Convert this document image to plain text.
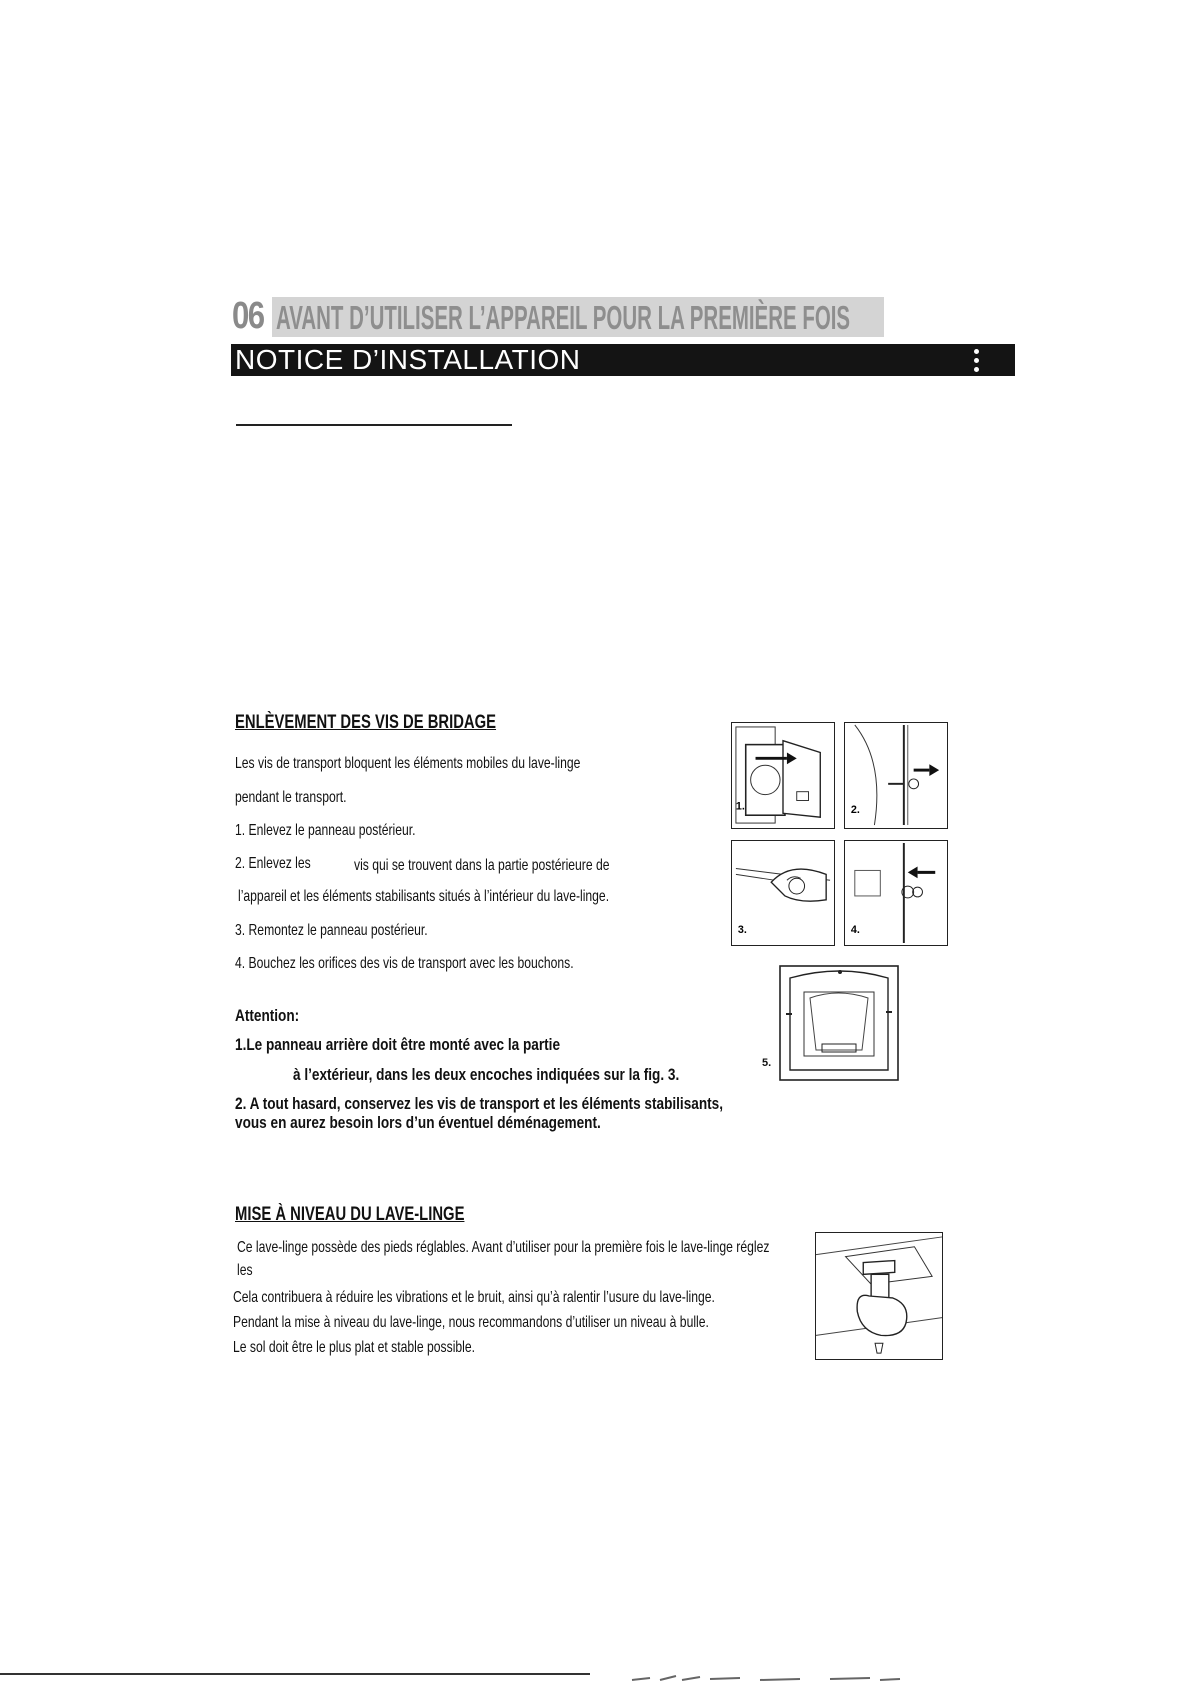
06 AVANT D’UTILISER L’APPAREIL POUR LA PREMIÈRE FOIS
NOTICE D’INSTALLATION
ENLÈVEMENT DES VIS DE BRIDAGE
Les vis de transport bloquent les éléments mobiles du lave-linge
pendant le transport.
1. Enlevez le panneau postérieur.
2. Enlevez les	vis qui se trouvent dans la partie postérieure de
l’appareil et les éléments stabilisants situés à l’intérieur du lave-linge.
3. Remontez le panneau postérieur.
4. Bouchez les orifices des vis de transport avec les bouchons.
Attention:
1.Le panneau arrière doit être monté avec la partie
à l’extérieur, dans les deux encoches indiquées sur la fig. 3.
2. A tout hasard, conservez les vis de transport et les éléments stabilisants,
vous en aurez besoin lors d’un éventuel déménagement.
1.	2.
3.	4.
5.
MISE À NIVEAU DU LAVE-LINGE
Ce lave-linge possède des pieds réglables. Avant d’utiliser pour la première fois le lave-linge réglez
les
Cela contribuera à réduire les vibrations et le bruit, ainsi qu’à ralentir l’usure du lave-linge.
Pendant la mise à niveau du lave-linge, nous recommandons d’utiliser un niveau à bulle.
Le sol doit être le plus plat et stable possible.
